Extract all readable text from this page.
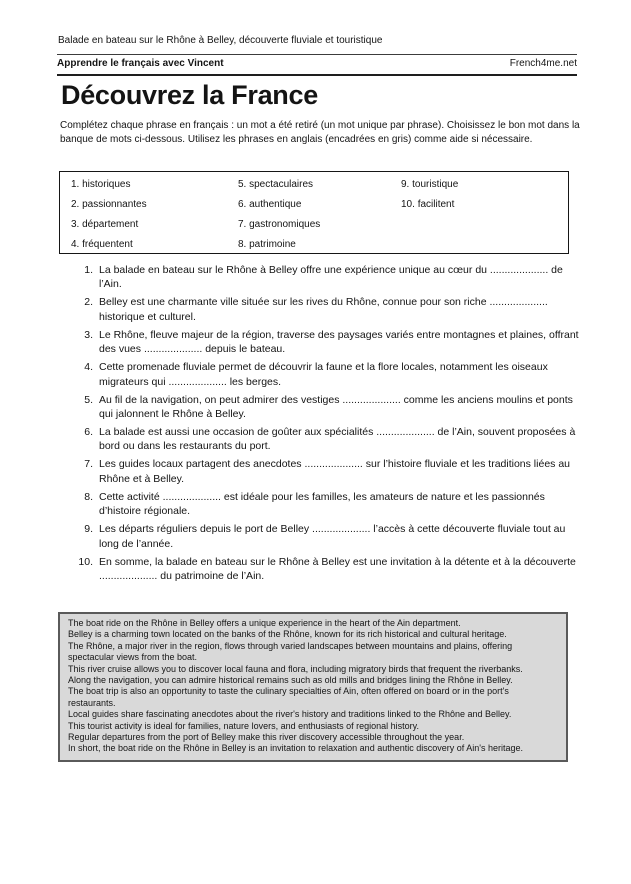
Balade en bateau sur le Rhône à Belley, découverte fluviale et touristique
Apprendre le français avec Vincent	French4me.net
Découvrez la France
Complétez chaque phrase en français : un mot a été retiré (un mot unique par phrase). Choisissez le bon mot dans la banque de mots ci-dessous. Utilisez les phrases en anglais (encadrées en gris) comme aide si nécessaire.
1. historiques
2. passionnantes
3. département
4. fréquentent
5. spectaculaires
6. authentique
7. gastronomiques
8. patrimoine
9. touristique
10. facilitent
1. La balade en bateau sur le Rhône à Belley offre une expérience unique au cœur du .................... de l’Ain.
2. Belley est une charmante ville située sur les rives du Rhône, connue pour son riche .................... historique et culturel.
3. Le Rhône, fleuve majeur de la région, traverse des paysages variés entre montagnes et plaines, offrant des vues .................... depuis le bateau.
4. Cette promenade fluviale permet de découvrir la faune et la flore locales, notamment les oiseaux migrateurs qui .................... les berges.
5. Au fil de la navigation, on peut admirer des vestiges .................... comme les anciens moulins et ponts qui jalonnent le Rhône à Belley.
6. La balade est aussi une occasion de goûter aux spécialités .................... de l’Ain, souvent proposées à bord ou dans les restaurants du port.
7. Les guides locaux partagent des anecdotes .................... sur l’histoire fluviale et les traditions liées au Rhône et à Belley.
8. Cette activité .................... est idéale pour les familles, les amateurs de nature et les passionnés d’histoire régionale.
9. Les départs réguliers depuis le port de Belley .................... l’accès à cette découverte fluviale tout au long de l’année.
10. En somme, la balade en bateau sur le Rhône à Belley est une invitation à la détente et à la découverte .................... du patrimoine de l’Ain.
The boat ride on the Rhône in Belley offers a unique experience in the heart of the Ain department.
Belley is a charming town located on the banks of the Rhône, known for its rich historical and cultural heritage.
The Rhône, a major river in the region, flows through varied landscapes between mountains and plains, offering spectacular views from the boat.
This river cruise allows you to discover local fauna and flora, including migratory birds that frequent the riverbanks.
Along the navigation, you can admire historical remains such as old mills and bridges lining the Rhône in Belley.
The boat trip is also an opportunity to taste the culinary specialties of Ain, often offered on board or in the port's restaurants.
Local guides share fascinating anecdotes about the river's history and traditions linked to the Rhône and Belley.
This tourist activity is ideal for families, nature lovers, and enthusiasts of regional history.
Regular departures from the port of Belley make this river discovery accessible throughout the year.
In short, the boat ride on the Rhône in Belley is an invitation to relaxation and authentic discovery of Ain's heritage.
